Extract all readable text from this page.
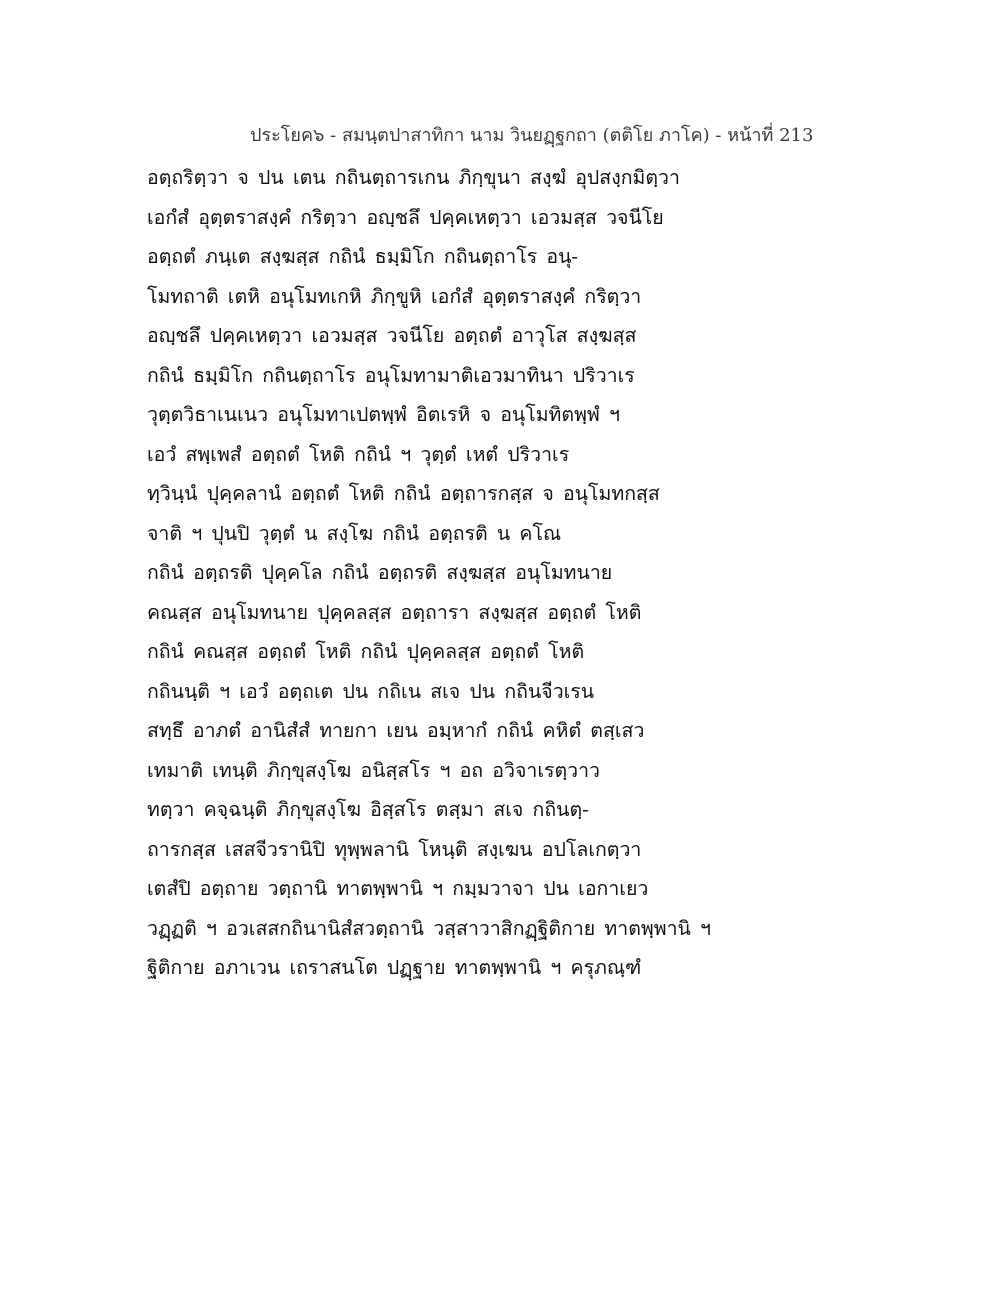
ประโยค๖ - สมนฺตปาสาทิกา นาม วินยฏฺฐกถา (ตติโย ภาโค) - หน้าที่ 213
อตฺถริตฺวา จ ปน เตน กถินตฺถารเกน ภิกฺขุนา สงฺฆํ อุปสงฺกมิตฺวา
เอกํสํ อุตฺตราสงฺคํ กริตฺวา อญฺชลึ ปคฺคเหตฺวา เอวมสฺส วจนีโย
อตฺถตํ ภนฺเต สงฺฆสฺส กถินํ ธมฺมิโก กถินตฺถาโร อนุ-
โมทถาติ เตหิ อนุโมทเกหิ ภิกฺขูหิ เอกํสํ อุตฺตราสงฺคํ กริตฺวา
อญฺชลึ ปคฺคเหตฺวา เอวมสฺส วจนีโย อตฺถตํ อาวุโส สงฺฆสฺส
กถินํ ธมฺมิโก กถินตฺถาโร อนุโมทามาติเอวมาทินา ปริวาเร
วุตฺตวิธาเนเนว อนุโมทาเปตพฺพํ อิตเรหิ จ อนุโมทิตพฺพํ ฯ
เอวํ สพฺเพสํ อตฺถตํ โหติ กถินํ ฯ วุตฺตํ เหตํ ปริวาเร
ทฺวินฺนํ ปุคฺคลานํ อตฺถตํ โหติ กถินํ อตฺถารกสฺส จ อนุโมทกสฺส
จาติ ฯ ปุนปิ วุตฺตํ น สงฺโฆ กถินํ อตฺถรติ น คโณ
กถินํ อตฺถรติ ปุคฺคโล กถินํ อตฺถรติ สงฺฆสฺส อนุโมทนาย
คณสฺส อนุโมทนาย ปุคฺคลสฺส อตฺถารา สงฺฆสฺส อตฺถตํ โหติ
กถินํ คณสฺส อตฺถตํ โหติ กถินํ ปุคฺคลสฺส อตฺถตํ โหติ
กถินนฺติ ฯ เอวํ อตฺถเต ปน กถิเน สเจ ปน กถินจีวเรน
สทฺธึ อาภตํ อานิสํสํ ทายกา เยน อมฺหากํ กถินํ คหิตํ ตสฺเสว
เทมาติ เทนฺติ ภิกฺขุสงฺโฆ อนิสฺสโร ฯ อถ อวิจาเรตฺวาว
ทตฺวา คจฺฉนฺติ ภิกฺขุสงฺโฆ อิสฺสโร ตสฺมา สเจ กถินตฺ-
ถารกสฺส เสสจีวรานิปิ ทุพฺพลานิ โหนฺติ สงฺเฆน อปโลเกตฺวา
เตสํปิ อตฺถาย วตฺถานิ ทาตพฺพานิ ฯ กมฺมวาจา ปน เอกาเยว
วฏฺฏติ ฯ อวเสสกถินานิสํสวตฺถานิ วสฺสาวาสิกฏฺฐิติกาย ทาตพฺพานิ ฯ
ฐิติกาย อภาเวน เถราสนโต ปฏฺฐาย ทาตพฺพานิ ฯ ครุภณฺฑํ
